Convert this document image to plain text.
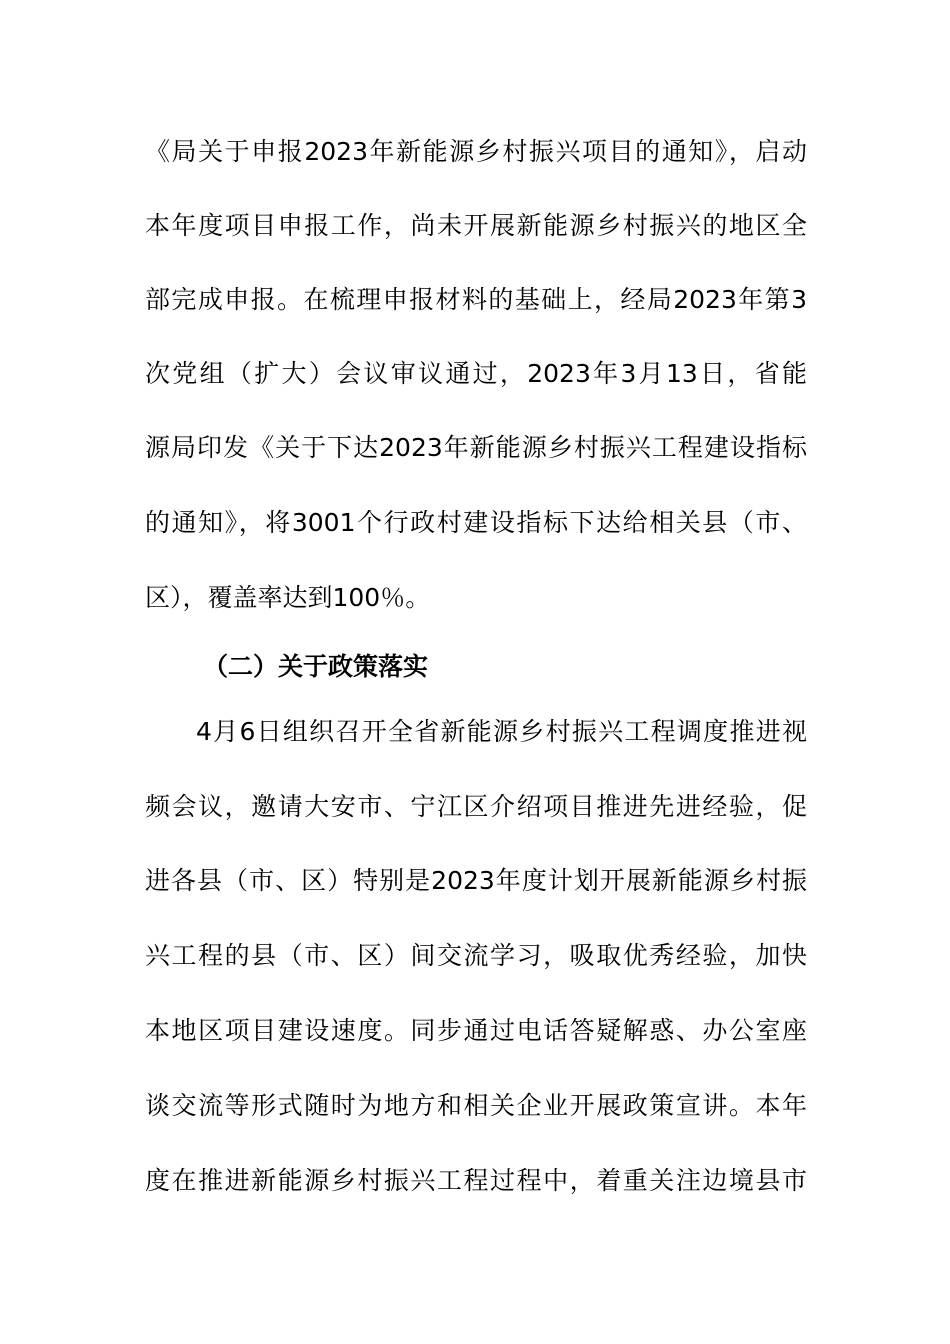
《局关于申报2023年新能源乡村振兴项目的通知》，启动
本年度项目申报工作，尚未开展新能源乡村振兴的地区全
部完成申报。在梳理申报材料的基础上，经局2023年第3
次党组（扩大）会议审议通过，2023年3月13日，省能
源局印发《关于下达2023年新能源乡村振兴工程建设指标
的通知》，将3001个行政村建设指标下达给相关县（市、
区），覆盖率达到100％。
（二）关于政策落实
4月6日组织召开全省新能源乡村振兴工程调度推进视
频会议，邀请大安市、宁江区介绍项目推进先进经验，促
进各县（市、区）特别是2023年度计划开展新能源乡村振
兴工程的县（市、区）间交流学习，吸取优秀经验，加快
本地区项目建设速度。同步通过电话答疑解惑、办公室座
谈交流等形式随时为地方和相关企业开展政策宣讲。本年
度在推进新能源乡村振兴工程过程中，着重关注边境县市
